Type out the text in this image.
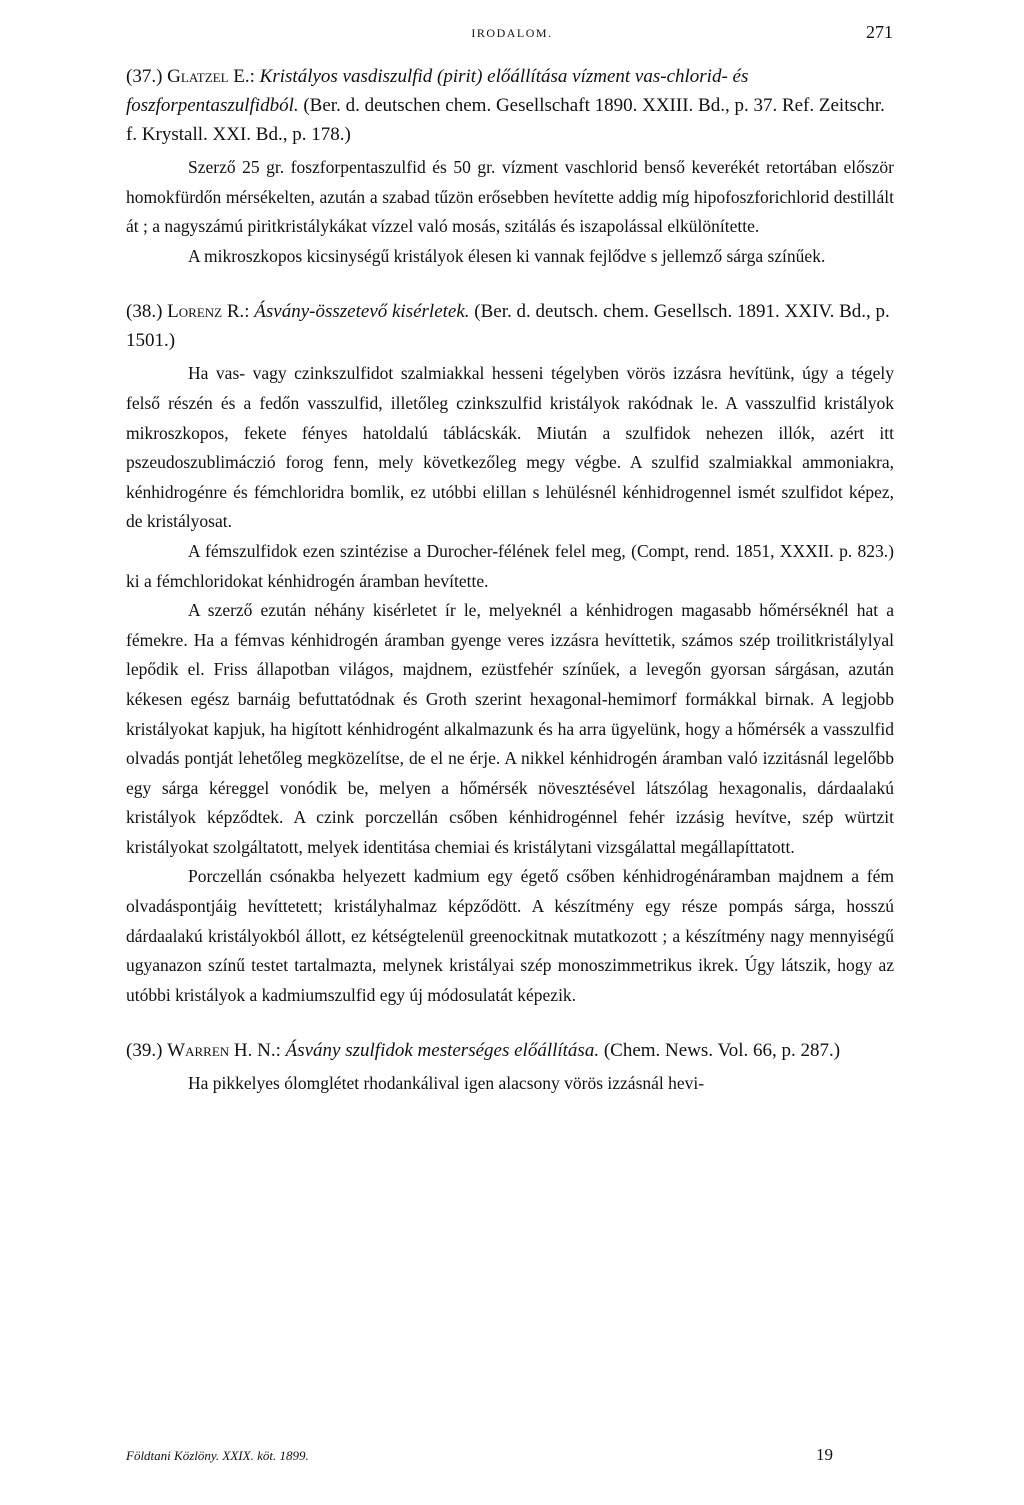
IRODALOM.	271
(37.) Glatzel E.: Kristályos vasdiszulfid (pirit) előállítása vízment vas-chlorid- és foszforpentaszulfidból. (Ber. d. deutschen chem. Gesellschaft 1890. XXIII. Bd., p. 37. Ref. Zeitschr. f. Krystall. XXI. Bd., p. 178.)

Szerző 25 gr. foszforpentaszulfid és 50 gr. vízment vaschlorid benső keverékét retortában először homokfürdőn mérsékelten, azután a szabad tűzön erősebben hevítette addig míg hipofoszforichlorid destillált át ; a nagyszámú piritkristálykákat vízzel való mosás, szitálás és iszapolással elkülönítette.

A mikroszkopos kicsinységű kristályok élesen ki vannak fejlődve s jellemző sárga színűek.

(38.) Lorenz R.: Ásvány-összetevő kisérletek. (Ber. d. deutsch. chem. Gesellsch. 1891. XXIV. Bd., p. 1501.)

Ha vas- vagy czinkszulfidot szalmiakkal hesseni tégelyben vörös izzásra hevítünk, úgy a tégely felső részén és a fedőn vasszulfid, illetőleg czinkszulfid kristályok rakódnak le. A vasszulfid kristályok mikroszkopos, fekete fényes hatoldalú táblácskák. Miután a szulfidok nehezen illók, azért itt pszeudoszublimáczió forog fenn, mely következőleg megy végbe. A szulfid szalmiakkal ammoniakra, kénhidrogénre és fémchloridra bomlik, ez utóbbi elillan s lehülésnél kénhidrogennel ismét szulfidot képez, de kristályosat.

A fémszulfidok ezen szintézise a Durocher-félének felel meg, (Compt, rend. 1851, XXXII. p. 823.) ki a fémchloridokat kénhidrogén áramban hevítette.

A szerző ezután néhány kisérletet ír le, melyeknél a kénhidrogen magasabb hőmérséknél hat a fémekre. Ha a fémvas kénhidrogén áramban gyenge veres izzásra hevíttetik, számos szép troilitkristálylyal lepődik el. Friss állapotban világos, majdnem, ezüstfehér színűek, a levegőn gyorsan sárgásan, azután kékesen egész barnáig befuttatódnak és Groth szerint hexagonal-hemimorf formákkal birnak. A legjobb kristályokat kapjuk, ha higított kénhidrogént alkalmazunk és ha arra ügyelünk, hogy a hőmérsék a vasszulfid olvadás pontját lehetőleg megközelítse, de el ne érje. A nikkel kénhidrogén áramban való izzitásnál legelőbb egy sárga kéreggel vonódik be, melyen a hőmérsék növesztésével látszólag hexagonalis, dárdaalakú kristályok képződtek. A czink porczellán csőben kénhidrogénnel fehér izzásig hevítve, szép würtzit kristályokat szolgáltatott, melyek identitása chemiai és kristálytani vizsgálattal megállapíttatott.

Porczellán csónakba helyezett kadmium egy égető csőben kénhidrogénáramban majdnem a fém olvadáspontjáig hevíttetett; kristályhalmaz képződött. A készítmény egy része pompás sárga, hosszú dárdaalakú kristályokból állott, ez kétségtelenül greenockitnak mutatkozott ; a készítmény nagy mennyiségű ugyanazon színű testet tartalmazta, melynek kristályai szép monoszimmetrikus ikrek. Úgy látszik, hogy az utóbbi kristályok a kadmiumszulfid egy új módosulatát képezik.

(39.) Warren H. N.: Ásvány szulfidok mesterséges előállítása. (Chem. News. Vol. 66, p. 287.)

Ha pikkelyes ólomglétet rhodankálival igen alacsony vörös izzásnál hevi-

Földtani Közlöny. XXIX. köt. 1899.	19
